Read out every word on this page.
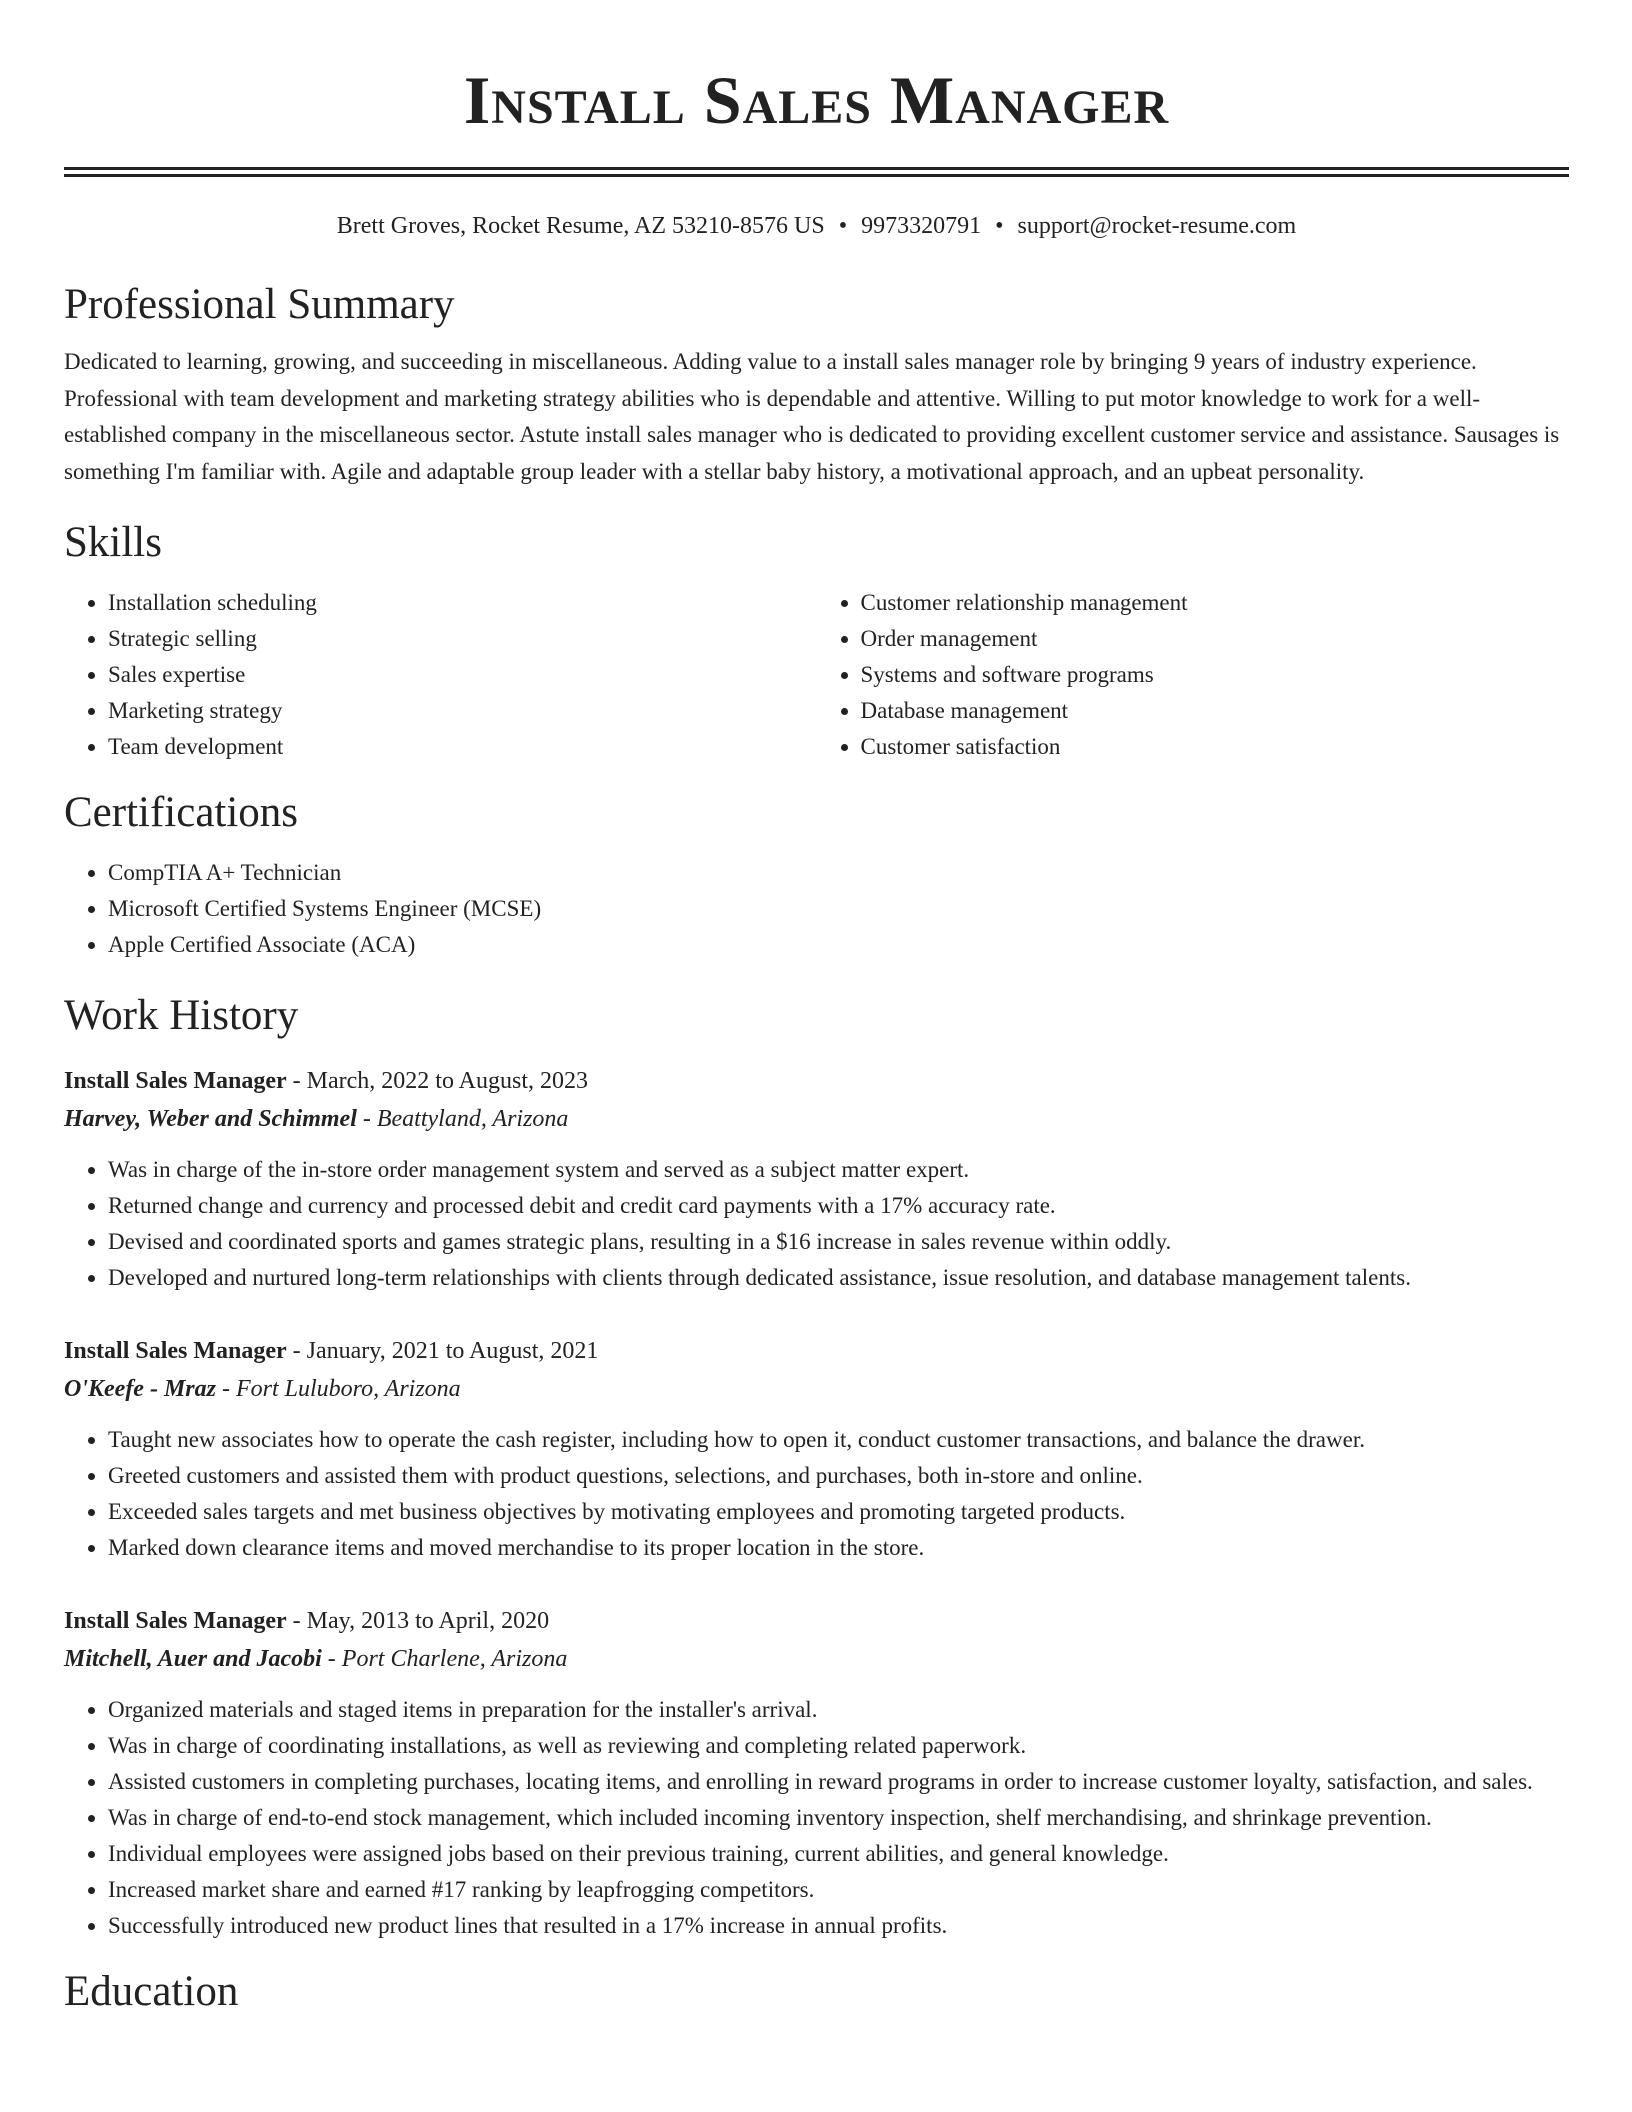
Install Sales Manager
Brett Groves, Rocket Resume, AZ 53210-8576 US • 9973320791 • support@rocket-resume.com
Professional Summary

Dedicated to learning, growing, and succeeding in miscellaneous. Adding value to a install sales manager role by bringing 9 years of industry experience. Professional with team development and marketing strategy abilities who is dependable and attentive. Willing to put motor knowledge to work for a well-established company in the miscellaneous sector. Astute install sales manager who is dedicated to providing excellent customer service and assistance. Sausages is something I'm familiar with. Agile and adaptable group leader with a stellar baby history, a motivational approach, and an upbeat personality.

Skills
• Installation scheduling
• Strategic selling
• Sales expertise
• Marketing strategy
• Team development
• Customer relationship management
• Order management
• Systems and software programs
• Database management
• Customer satisfaction
Certifications
• CompTIA A+ Technician
• Microsoft Certified Systems Engineer (MCSE)
• Apple Certified Associate (ACA)
Work History
Install Sales Manager - March, 2022 to August, 2023
Harvey, Weber and Schimmel - Beattyland, Arizona
• Was in charge of the in-store order management system and served as a subject matter expert.
• Returned change and currency and processed debit and credit card payments with a 17% accuracy rate.
• Devised and coordinated sports and games strategic plans, resulting in a $16 increase in sales revenue within oddly.
• Developed and nurtured long-term relationships with clients through dedicated assistance, issue resolution, and database management talents.
Install Sales Manager - January, 2021 to August, 2021
O'Keefe - Mraz - Fort Luluboro, Arizona
• Taught new associates how to operate the cash register, including how to open it, conduct customer transactions, and balance the drawer.
• Greeted customers and assisted them with product questions, selections, and purchases, both in-store and online.
• Exceeded sales targets and met business objectives by motivating employees and promoting targeted products.
• Marked down clearance items and moved merchandise to its proper location in the store.
Install Sales Manager - May, 2013 to April, 2020
Mitchell, Auer and Jacobi - Port Charlene, Arizona
• Organized materials and staged items in preparation for the installer's arrival.
• Was in charge of coordinating installations, as well as reviewing and completing related paperwork.
• Assisted customers in completing purchases, locating items, and enrolling in reward programs in order to increase customer loyalty, satisfaction, and sales.
• Was in charge of end-to-end stock management, which included incoming inventory inspection, shelf merchandising, and shrinkage prevention.
• Individual employees were assigned jobs based on their previous training, current abilities, and general knowledge.
• Increased market share and earned #17 ranking by leapfrogging competitors.
• Successfully introduced new product lines that resulted in a 17% increase in annual profits.
Education
